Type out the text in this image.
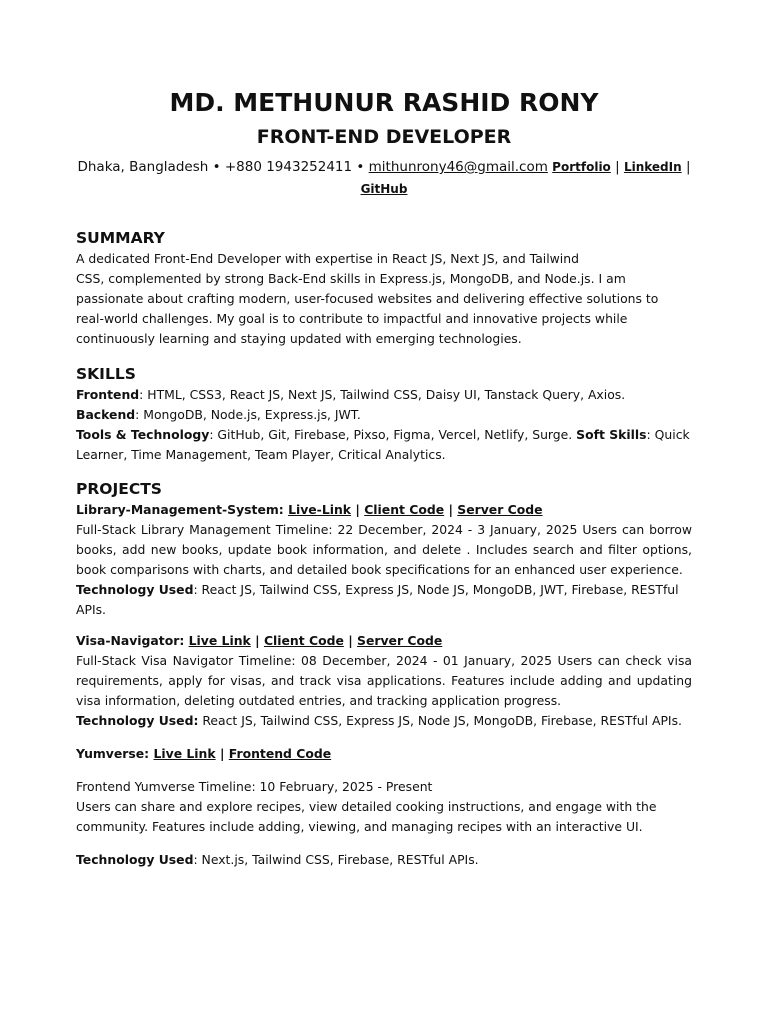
MD. METHUNUR RASHID RONY
FRONT-END DEVELOPER
Dhaka, Bangladesh • +880 1943252411 • mithunrony46@gmail.com Portfolio | LinkedIn |
GitHub
SUMMARY

A dedicated Front-End Developer with expertise in React JS, Next JS, and Tailwind

CSS, complemented by strong Back-End skills in Express.js, MongoDB, and Node.js. I am

passionate about crafting modern, user-focused websites and delivering effective solutions to

real-world challenges. My goal is to contribute to impactful and innovative projects while

continuously learning and staying updated with emerging technologies.

SKILLS

Frontend: HTML, CSS3, React JS, Next JS, Tailwind CSS, Daisy UI, Tanstack Query, Axios.

Backend: MongoDB, Node.js, Express.js, JWT.

Tools & Technology: GitHub, Git, Firebase, Pixso, Figma, Vercel, Netlify, Surge. Soft Skills: Quick Learner, Time Management, Team Player, Critical Analytics.

PROJECTS
Library-Management-System: Live-Link | Client Code | Server Code

Full-Stack Library Management Timeline: 22 December, 2024 - 3 January, 2025 Users can borrow books, add new books, update book information, and delete . Includes search and filter options, book comparisons with charts, and detailed book specifications for an enhanced user experience.

Technology Used: React JS, Tailwind CSS, Express JS, Node JS, MongoDB, JWT, Firebase, RESTful APIs.

Visa-Navigator: Live Link | Client Code | Server Code

Full-Stack Visa Navigator Timeline: 08 December, 2024 - 01 January, 2025 Users can check visa requirements, apply for visas, and track visa applications. Features include adding and updating visa information, deleting outdated entries, and tracking application progress.

Technology Used: React JS, Tailwind CSS, Express JS, Node JS, MongoDB, Firebase, RESTful APIs.

Yumverse: Live Link | Frontend Code

Frontend Yumverse Timeline: 10 February, 2025 - Present

Users can share and explore recipes, view detailed cooking instructions, and engage with the community. Features include adding, viewing, and managing recipes with an interactive UI.

Technology Used: Next.js, Tailwind CSS, Firebase, RESTful APIs.
